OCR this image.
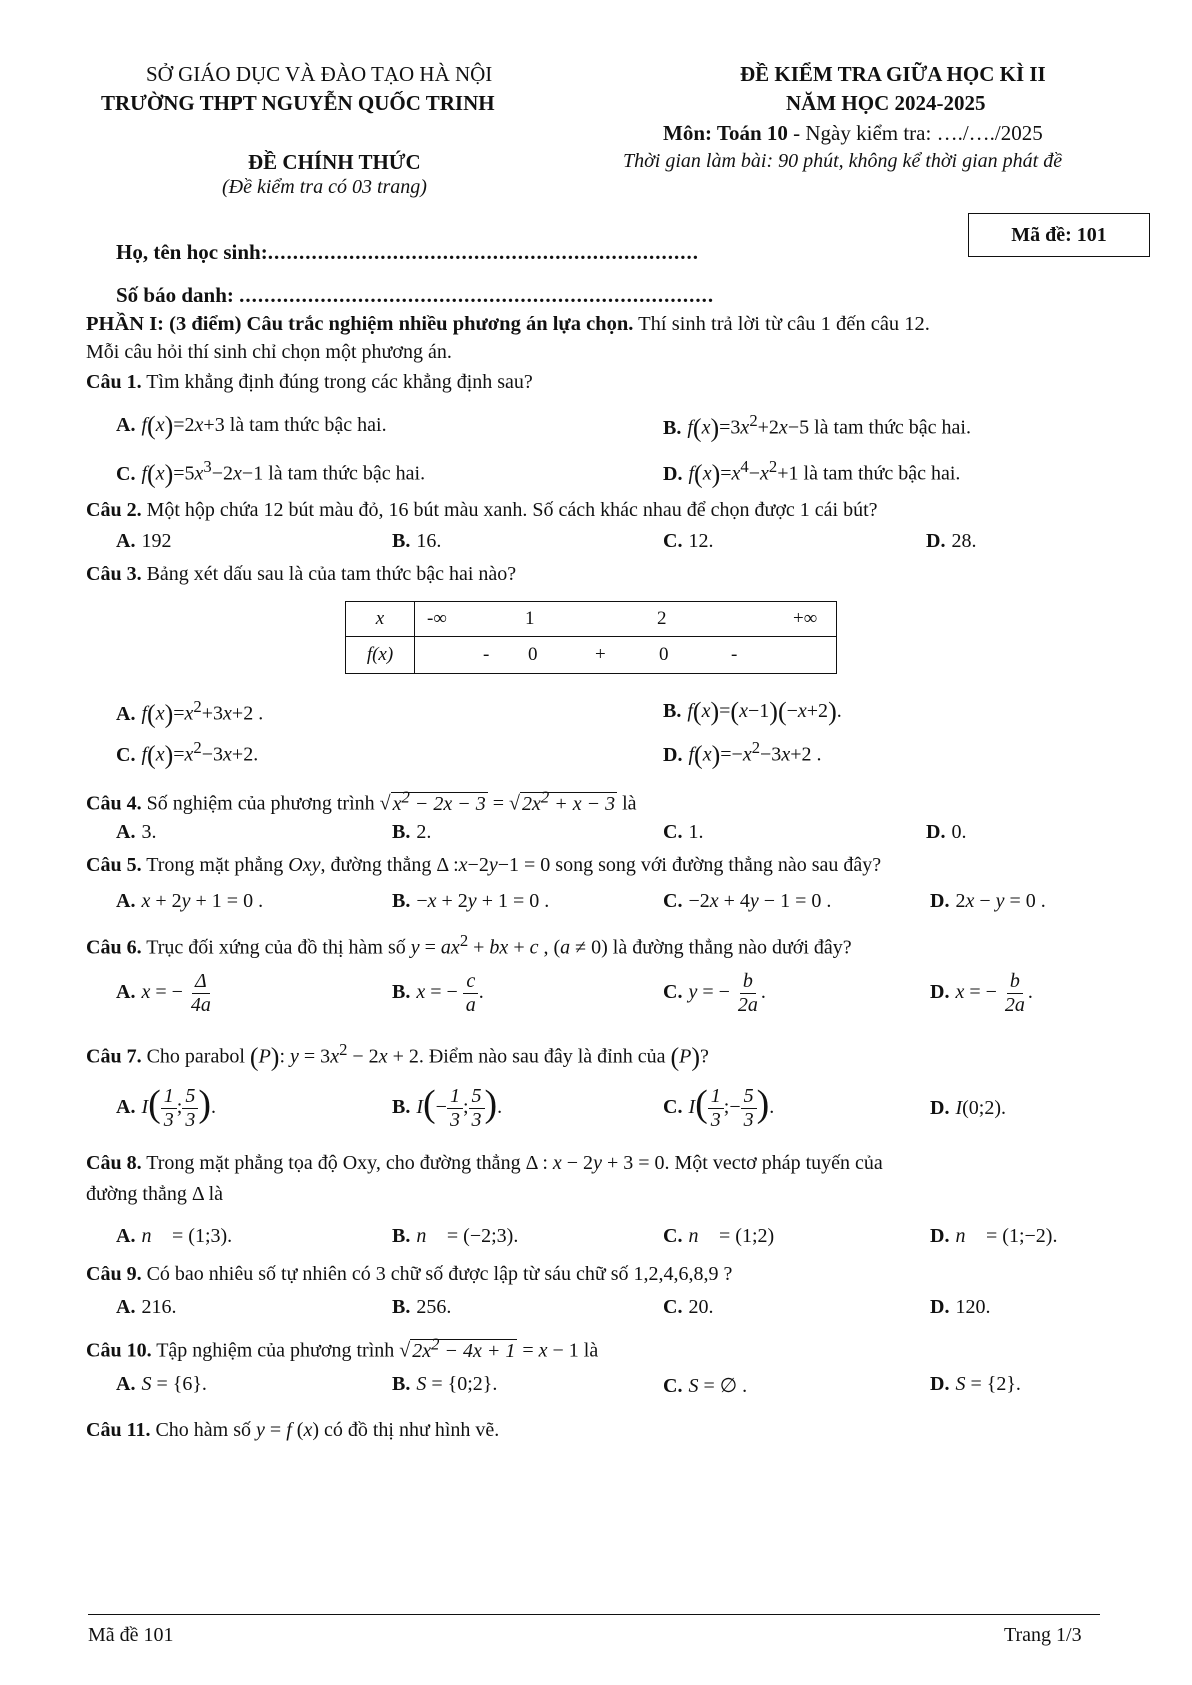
SỞ GIÁO DỤC VÀ ĐÀO TẠO HÀ NỘI
TRƯỜNG THPT NGUYỄN QUỐC TRINH
ĐỀ KIỂM TRA GIỮA HỌC KÌ II
NĂM HỌC 2024-2025
Môn: Toán 10 - Ngày kiểm tra: …./…./2025
ĐỀ CHÍNH THỨC	Thời gian làm bài: 90 phút, không kể thời gian phát đề
(Đề kiểm tra có 03 trang)
Mã đề: 101
Họ, tên học sinh:.....................................................................
Số báo danh: ............................................................................
PHẦN I: (3 điểm) Câu trắc nghiệm nhiều phương án lựa chọn. Thí sinh trả lời từ câu 1 đến câu 12.
Mỗi câu hỏi thí sinh chỉ chọn một phương án.
Câu 1. Tìm khẳng định đúng trong các khẳng định sau?
A. f(x)=2x+3 là tam thức bậc hai.	B. $f(x)=3x^2+2x-5$ là tam thức bậc hai.
C. $f(x)=5x^3-2x-1$ là tam thức bậc hai.	D. $f(x)=x^4-x^2+1$ là tam thức bậc hai.
Câu 2. Một hộp chứa 12 bút màu đỏ, 16 bút màu xanh. Số cách khác nhau để chọn được 1 cái bút?
A. 192	B. 16.	C. 12.	D. 28.
Câu 3. Bảng xét dấu sau là của tam thức bậc hai nào?
x	-∞ 1 2 +∞

f(x)	- 0 + 0 -
A. $f(x)=x^2+3x+2$ .	B. f(x)=(x−1)(−x+2).
C. $f(x)=x^2-3x+2$.	D. $f(x)=-x^2-3x+2$ .
Câu 4. Số nghiệm của phương trình √ $x^2 - 2x - 3$ = √ $2x^2 + x - 3$ là
A. 3.	B. 2.	C. 1.	D. 0.
Câu 5. Trong mặt phẳng Oxy, đường thẳng Δ :x−2y−1 = 0 song song với đường thẳng nào sau đây?
A. x + 2y + 1 = 0 .	B. −x + 2y + 1 = 0 .	C. −2x + 4y − 1 = 0 .	D. 2x − y = 0 .
Câu 6. Trục đối xứng của đồ thị hàm số $y = ax^2$ + bx + c , (a ≠ 0) là đường thẳng nào dưới đây?
A. x = − $\frac{\Delta}{4a}$	B. x = − $\frac{c}{a}$ .	C. y = − $\frac{b}{2a}$ .	D. x = − $\frac{b}{2a}$ .
Câu 7. Cho parabol (P): $y = 3x^2 - 2x + 2$. Điểm nào sau đây là đỉnh của (P)?
A. $I( \frac{1}{3}$ ; $\frac{5}{3}$ ).	B. $I(- \frac{1}{3}$ ; $\frac{5}{3}$ ).	C. $I( \frac{1}{3}$ ;− $\frac{5}{3}$ ).	D. I(0;2).
Câu 8. Trong mặt phẳng tọa độ Oxy, cho đường thẳng Δ : x − 2y + 3 = 0. Một vectơ pháp tuyến của
đường thẳng Δ là
A. n⃗ = (1;3).	B. n⃗ = (−2;3).	C. n⃗ = (1;2)	D. n⃗ = (1;−2).
Câu 9. Có bao nhiêu số tự nhiên có 3 chữ số được lập từ sáu chữ số 1,2,4,6,8,9 ?
A. 216.	B. 256.	C. 20.	D. 120.
Câu 10. Tập nghiệm của phương trình √ $2x^2 - 4x + 1 = x - 1$ là
A. S = {6}.	B. S = {0;2}.	C. S = ∅ .	D. S = {2}.
Câu 11. Cho hàm số y = f (x) có đồ thị như hình vẽ.
Mã đề 101	Trang 1/3
